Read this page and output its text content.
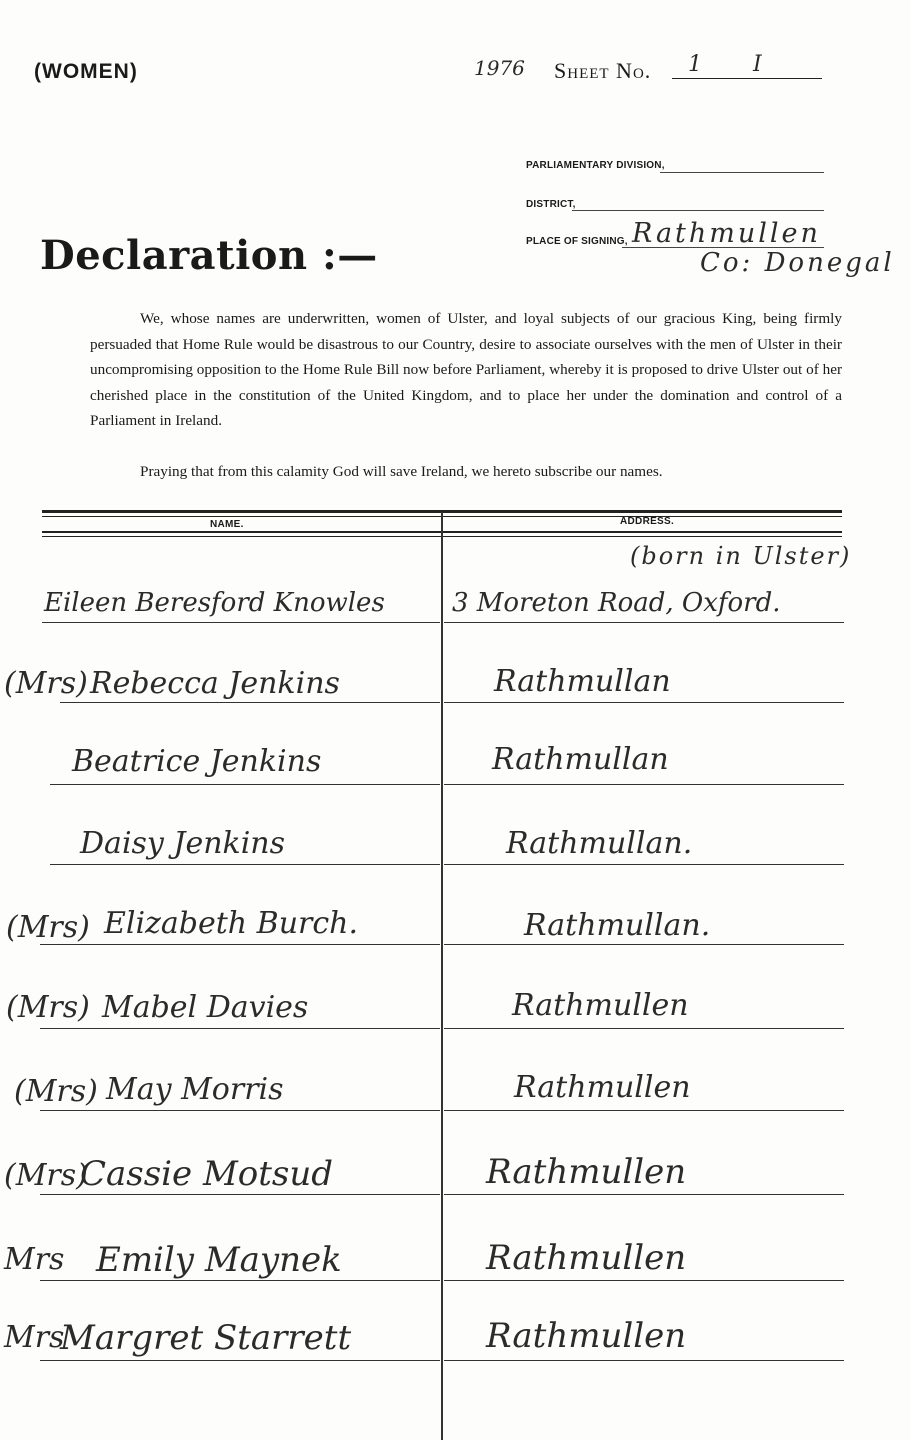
(WOMEN)	1976 Sheet No. 1 I
PARLIAMENTARY DIVISION,
DISTRICT,
PLACE OF SIGNING, Rathmullen
Co: Donegal
Declaration :—
We, whose names are underwritten, women of Ulster, and loyal subjects of our gracious King, being firmly persuaded that Home Rule would be disastrous to our Country, desire to associate ourselves with the men of Ulster in their uncompromising opposition to the Home Rule Bill now before Parliament, whereby it is proposed to drive Ulster out of her cherished place in the constitution of the United Kingdom, and to place her under the domination and control of a Parliament in Ireland.
Praying that from this calamity God will save Ireland, we hereto subscribe our names.
NAME.	ADDRESS.
(born in Ulster)
Eileen Beresford Knowles	3 Moreton Road, Oxford.
(Mrs) Rebecca Jenkins	Rathmullan
Beatrice Jenkins	Rathmullan
Daisy Jenkins	Rathmullan.
(Mrs) Elizabeth Burch.	Rathmullan.
(Mrs) Mabel Davies	Rathmullen
(Mrs) May Morris	Rathmullen
(Mrs)
Cassie Motsud	Rathmullen
Mrs Emily Maynek	Rathmullen
Mrs
Margret Starrett	Rathmullen
